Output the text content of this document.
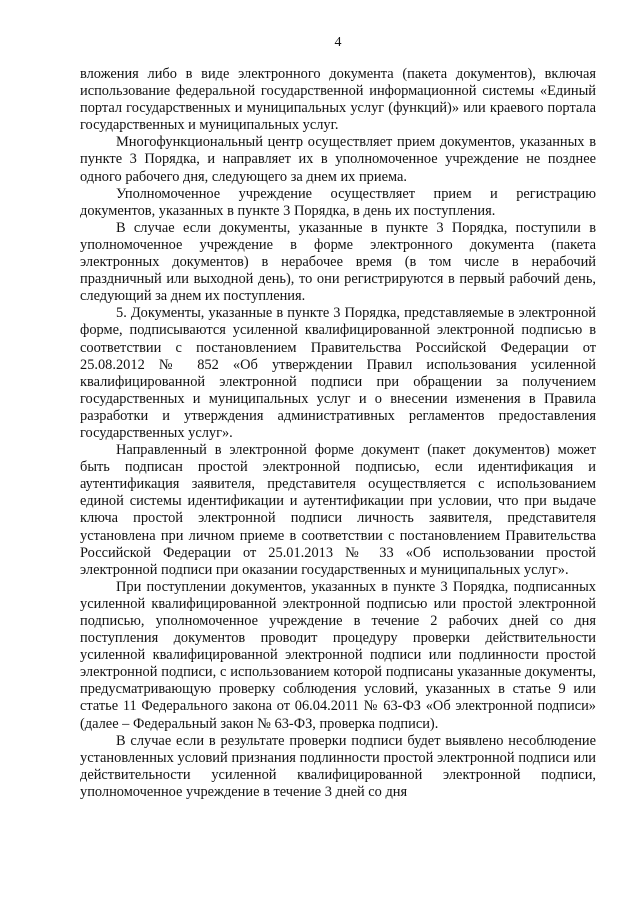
4

вложения либо в виде электронного документа (пакета документов), включая использование федеральной государственной информационной системы «Единый портал государственных и муниципальных услуг (функций)» или краевого портала государственных и муниципальных услуг.

Многофункциональный центр осуществляет прием документов, указанных в пункте 3 Порядка, и направляет их в уполномоченное учреждение не позднее одного рабочего дня, следующего за днем их приема.

Уполномоченное учреждение осуществляет прием и регистрацию документов, указанных в пункте 3 Порядка, в день их поступления.

В случае если документы, указанные в пункте 3 Порядка, поступили в уполномоченное учреждение в форме электронного документа (пакета электронных документов) в нерабочее время (в том числе в нерабочий праздничный или выходной день), то они регистрируются в первый рабочий день, следующий за днем их поступления.

5. Документы, указанные в пункте 3 Порядка, представляемые в электронной форме, подписываются усиленной квалифицированной электронной подписью в соответствии с постановлением Правительства Российской Федерации от 25.08.2012 № 852 «Об утверждении Правил использования усиленной квалифицированной электронной подписи при обращении за получением государственных и муниципальных услуг и о внесении изменения в Правила разработки и утверждения административных регламентов предоставления государственных услуг».

Направленный в электронной форме документ (пакет документов) может быть подписан простой электронной подписью, если идентификация и аутентификация заявителя, представителя осуществляется с использованием единой системы идентификации и аутентификации при условии, что при выдаче ключа простой электронной подписи личность заявителя, представителя установлена при личном приеме в соответствии с постановлением Правительства Российской Федерации от 25.01.2013 № 33 «Об использовании простой электронной подписи при оказании государственных и муниципальных услуг».

При поступлении документов, указанных в пункте 3 Порядка, подписанных усиленной квалифицированной электронной подписью или простой электронной подписью, уполномоченное учреждение в течение 2 рабочих дней со дня поступления документов проводит процедуру проверки действительности усиленной квалифицированной электронной подписи или подлинности простой электронной подписи, с использованием которой подписаны указанные документы, предусматривающую проверку соблюдения условий, указанных в статье 9 или статье 11 Федерального закона от 06.04.2011 № 63-ФЗ «Об электронной подписи» (далее – Федеральный закон № 63-ФЗ, проверка подписи).

В случае если в результате проверки подписи будет выявлено несоблюдение установленных условий признания подлинности простой электронной подписи или действительности усиленной квалифицированной электронной подписи, уполномоченное учреждение в течение 3 дней со дня
